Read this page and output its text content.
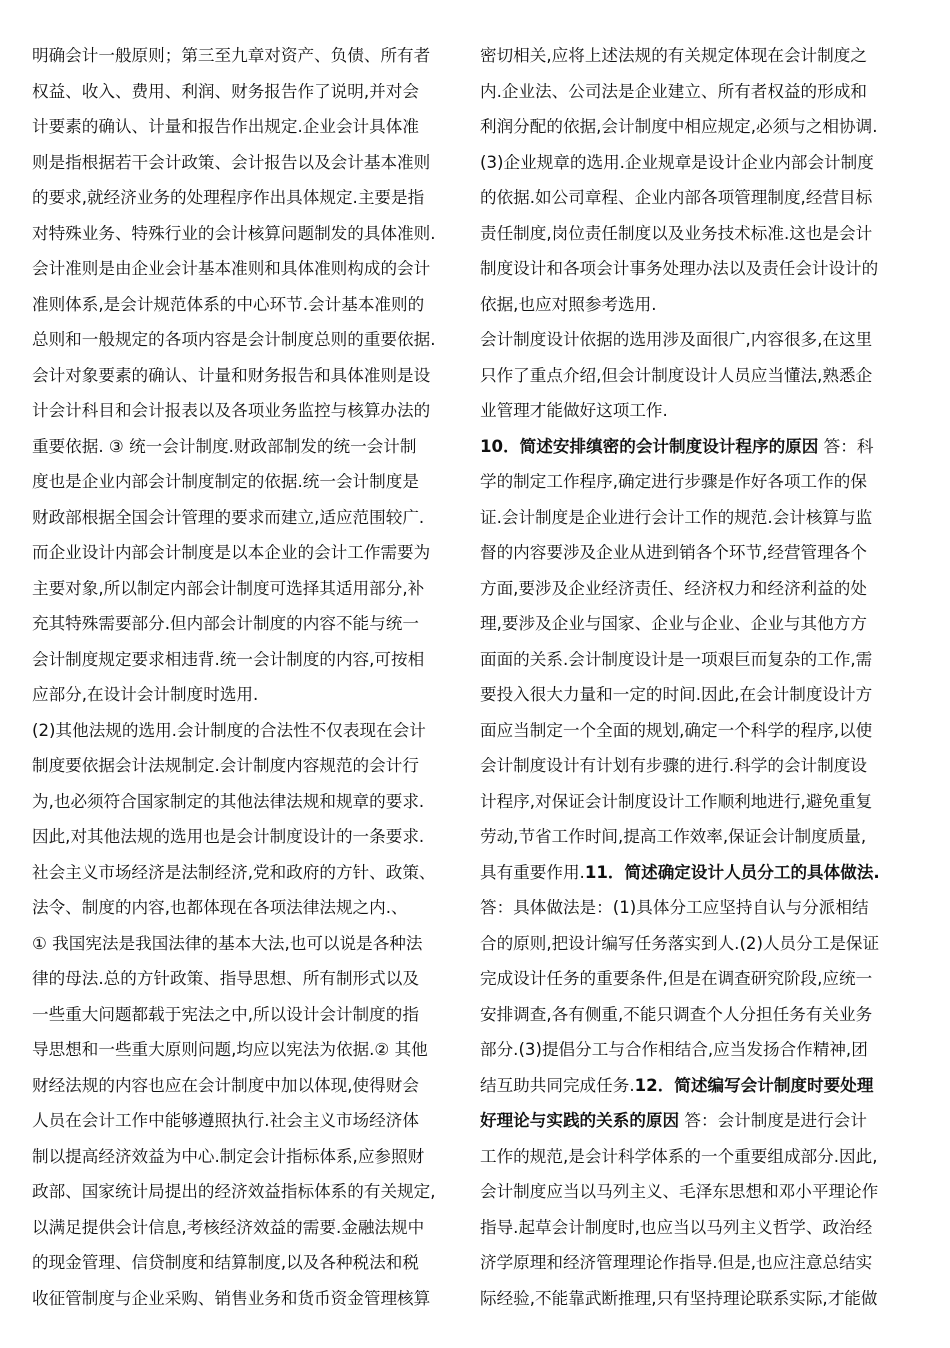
明确会计一般原则；第三至九章对资产、负债、所有者
权益、收入、费用、利润、财务报告作了说明,并对会
计要素的确认、计量和报告作出规定.企业会计具体准
则是指根据若干会计政策、会计报告以及会计基本准则
的要求,就经济业务的处理程序作出具体规定.主要是指
对特殊业务、特殊行业的会计核算问题制发的具体准则.
会计准则是由企业会计基本准则和具体准则构成的会计
准则体系,是会计规范体系的中心环节.会计基本准则的
总则和一般规定的各项内容是会计制度总则的重要依据.
会计对象要素的确认、计量和财务报告和具体准则是设
计会计科目和会计报表以及各项业务监控与核算办法的
重要依据. ③ 统一会计制度.财政部制发的统一会计制
度也是企业内部会计制度制定的依据.统一会计制度是
财政部根据全国会计管理的要求而建立,适应范围较广.
而企业设计内部会计制度是以本企业的会计工作需要为
主要对象,所以制定内部会计制度可选择其适用部分,补
充其特殊需要部分.但内部会计制度的内容不能与统一
会计制度规定要求相违背.统一会计制度的内容,可按相
应部分,在设计会计制度时选用.
(2)其他法规的选用.会计制度的合法性不仅表现在会计
制度要依据会计法规制定.会计制度内容规范的会计行
为,也必须符合国家制定的其他法律法规和规章的要求.
因此,对其他法规的选用也是会计制度设计的一条要求.
社会主义市场经济是法制经济,党和政府的方针、政策、
法令、制度的内容,也都体现在各项法律法规之内.、
① 我国宪法是我国法律的基本大法,也可以说是各种法
律的母法.总的方针政策、指导思想、所有制形式以及
一些重大问题都载于宪法之中,所以设计会计制度的指
导思想和一些重大原则问题,均应以宪法为依据.② 其他
财经法规的内容也应在会计制度中加以体现,使得财会
人员在会计工作中能够遵照执行.社会主义市场经济体
制以提高经济效益为中心.制定会计指标体系,应参照财
政部、国家统计局提出的经济效益指标体系的有关规定,
以满足提供会计信息,考核经济效益的需要.金融法规中
的现金管理、信贷制度和结算制度,以及各种税法和税
收征管制度与企业采购、销售业务和货币资金管理核算
密切相关,应将上述法规的有关规定体现在会计制度之
内.企业法、公司法是企业建立、所有者权益的形成和
利润分配的依据,会计制度中相应规定,必须与之相协调.
(3)企业规章的选用.企业规章是设计企业内部会计制度
的依据.如公司章程、企业内部各项管理制度,经营目标
责任制度,岗位责任制度以及业务技术标准.这也是会计
制度设计和各项会计事务处理办法以及责任会计设计的
依据,也应对照参考选用.
会计制度设计依据的选用涉及面很广,内容很多,在这里
只作了重点介绍,但会计制度设计人员应当懂法,熟悉企
业管理才能做好这项工作.
10．简述安排缜密的会计制度设计程序的原因 答：科
学的制定工作程序,确定进行步骤是作好各项工作的保
证.会计制度是企业进行会计工作的规范.会计核算与监
督的内容要涉及企业从进到销各个环节,经营管理各个
方面,要涉及企业经济责任、经济权力和经济利益的处
理,要涉及企业与国家、企业与企业、企业与其他方方
面面的关系.会计制度设计是一项艰巨而复杂的工作,需
要投入很大力量和一定的时间.因此,在会计制度设计方
面应当制定一个全面的规划,确定一个科学的程序,以使
会计制度设计有计划有步骤的进行.科学的会计制度设
计程序,对保证会计制度设计工作顺利地进行,避免重复
劳动,节省工作时间,提高工作效率,保证会计制度质量,
具有重要作用.11．简述确定设计人员分工的具体做法.
答：具体做法是：(1)具体分工应坚持自认与分派相结
合的原则,把设计编写任务落实到人.(2)人员分工是保证
完成设计任务的重要条件,但是在调查研究阶段,应统一
安排调查,各有侧重,不能只调查个人分担任务有关业务
部分.(3)提倡分工与合作相结合,应当发扬合作精神,团
结互助共同完成任务.12．简述编写会计制度时要处理
好理论与实践的关系的原因 答：会计制度是进行会计
工作的规范,是会计科学体系的一个重要组成部分.因此,
会计制度应当以马列主义、毛泽东思想和邓小平理论作
指导.起草会计制度时,也应当以马列主义哲学、政治经
济学原理和经济管理理论作指导.但是,也应注意总结实
际经验,不能靠武断推理,只有坚持理论联系实际,才能做
